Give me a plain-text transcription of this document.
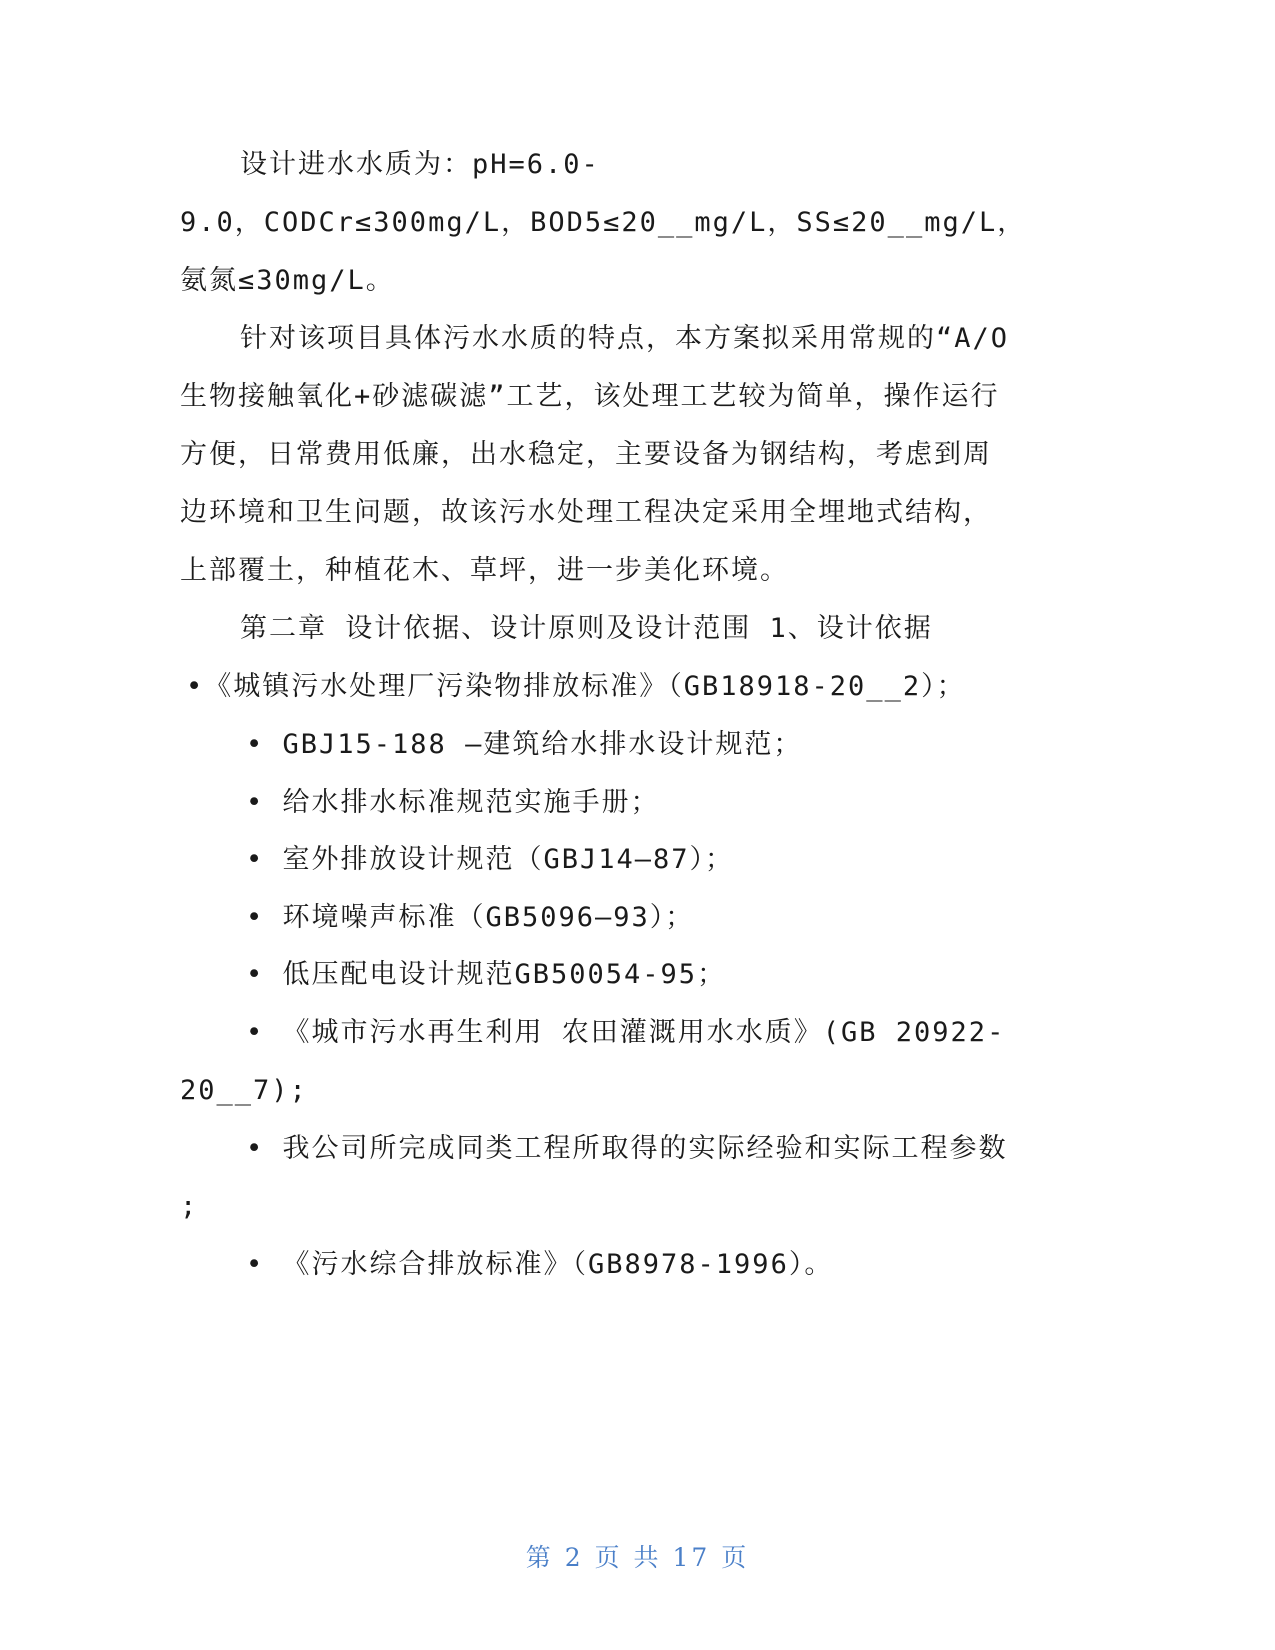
设计进水水质为：pH=6.0-
9.0，CODCr≤300mg/L，BOD5≤20__mg/L，SS≤20__mg/L，
氨氮≤30mg/L。
针对该项目具体污水水质的特点，本方案拟采用常规的“A/O
生物接触氧化+砂滤碳滤”工艺，该处理工艺较为简单，操作运行
方便，日常费用低廉，出水稳定，主要设备为钢结构，考虑到周
边环境和卫生问题，故该污水处理工程决定采用全埋地式结构，
上部覆土，种植花木、草坪，进一步美化环境。
第二章 设计依据、设计原则及设计范围 1、设计依据
•《城镇污水处理厂污染物排放标准》（GB18918-20__2）；
• GBJ15-188 —建筑给水排水设计规范；
• 给水排水标准规范实施手册；
• 室外排放设计规范（GBJ14—87）；
• 环境噪声标准（GB5096—93）；
• 低压配电设计规范GB50054-95；
• 《城市污水再生利用 农田灌溉用水水质》(GB 20922-
20__7);
• 我公司所完成同类工程所取得的实际经验和实际工程参数
;
• 《污水综合排放标准》（GB8978-1996）。
第 2 页 共 17 页
